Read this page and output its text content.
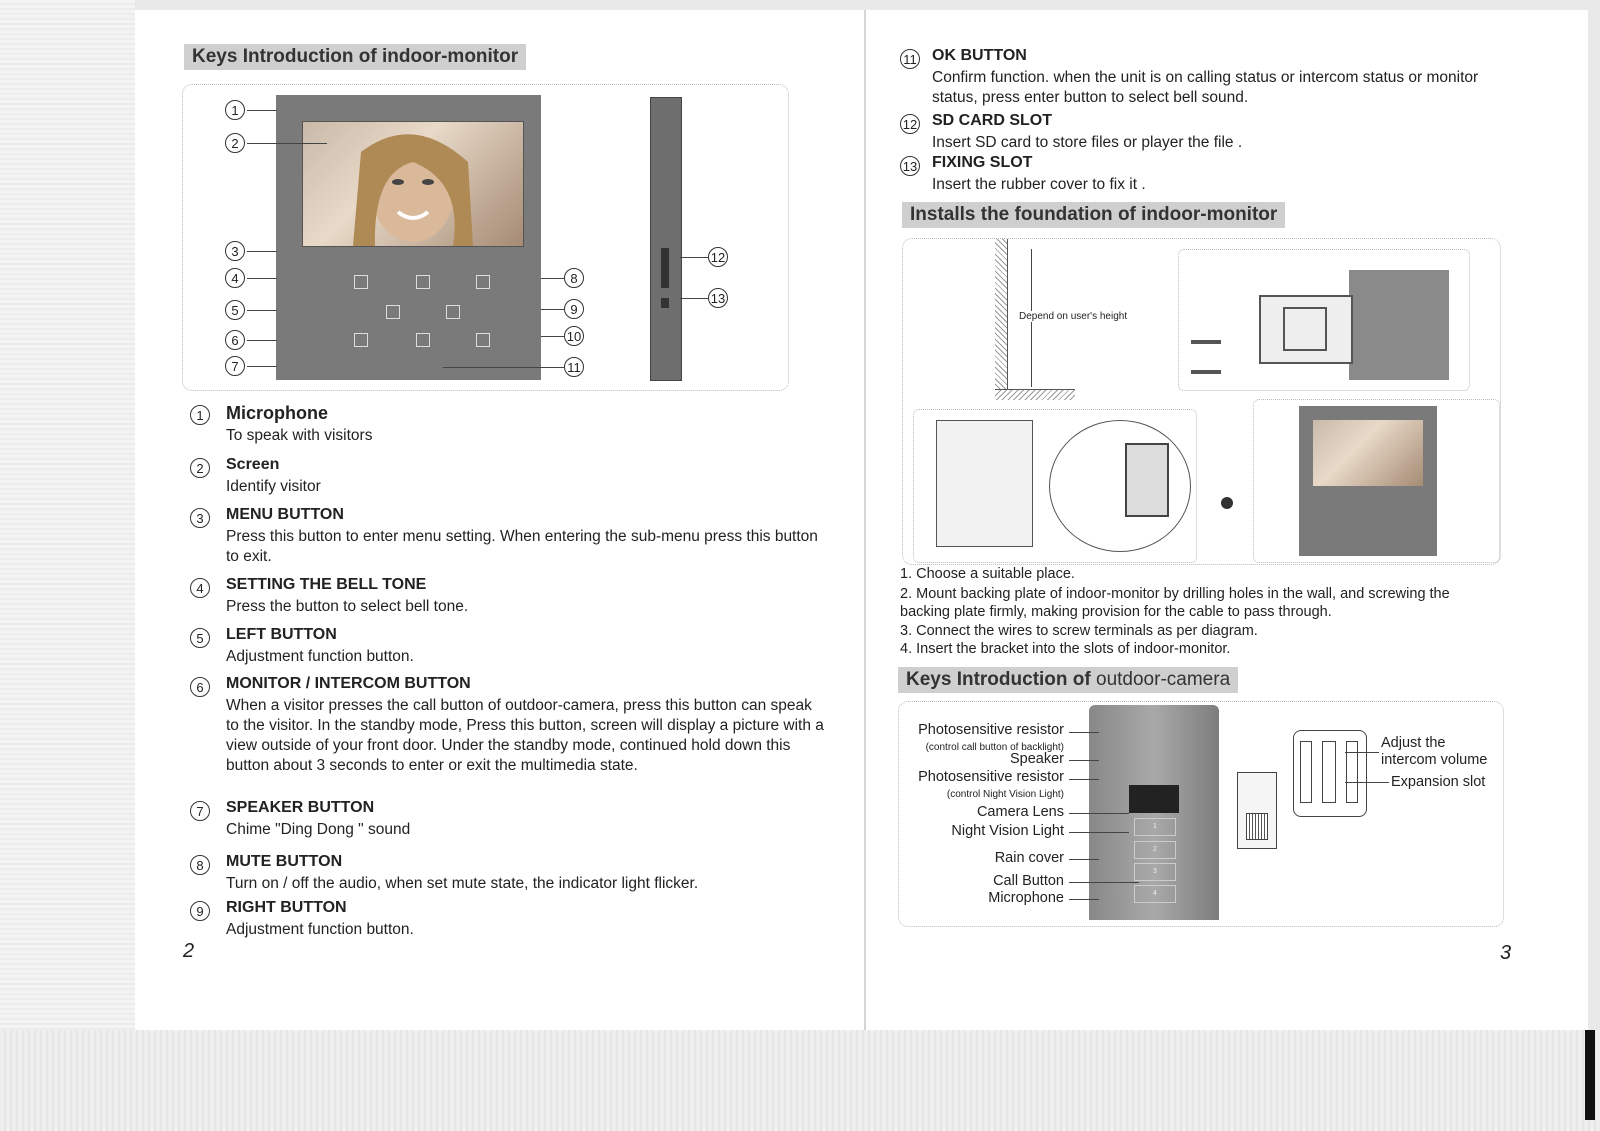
Keys Introduction of indoor-monitor
1
2
3
4
5
6
7
8
9
10
11
12
13
1	Microphone
To speak with visitors
2	Screen
Identify visitor
3	MENU BUTTON
Press this button to enter menu setting. When entering the sub-menu press this button to exit.
4	SETTING THE BELL TONE
Press the button to select bell tone.
5	LEFT BUTTON
Adjustment function button.
6	MONITOR / INTERCOM BUTTON
When a visitor presses the call button of outdoor-camera, press this button can speak to the visitor. In the standby mode, Press this button, screen will display a picture with a view outside of your front door. Under the standby mode, continued hold down this button about 3 seconds to enter or exit the multimedia state.
7	SPEAKER BUTTON
Chime "Ding Dong " sound
8	MUTE BUTTON
Turn on / off the audio, when set mute state, the indicator light flicker.
9	RIGHT BUTTON
Adjustment function button.
2
11 OK BUTTON
Confirm function. when the unit is on calling status or intercom status or monitor status, press enter button to select bell sound.
12 SD CARD SLOT
Insert SD card to store files or player the file .
13 FIXING SLOT
Insert the rubber cover to fix it .
Installs the foundation of indoor-monitor
Depend on user's height
1. Choose a suitable place.
2. Mount backing plate of indoor-monitor by drilling holes in the wall, and screwing the backing plate firmly, making provision for the cable to pass through.
3. Connect the wires to screw terminals as per diagram.
4. Insert the bracket into the slots of indoor-monitor.
Keys Introduction of outdoor-camera
1
2
3
4
Photosensitive resistor
(control call button of backlight)
Speaker
Photosensitive resistor
(control Night Vision Light)
Camera Lens
Night Vision Light
Rain cover
Call Button
Microphone
Adjust the intercom volume
Expansion slot
3
